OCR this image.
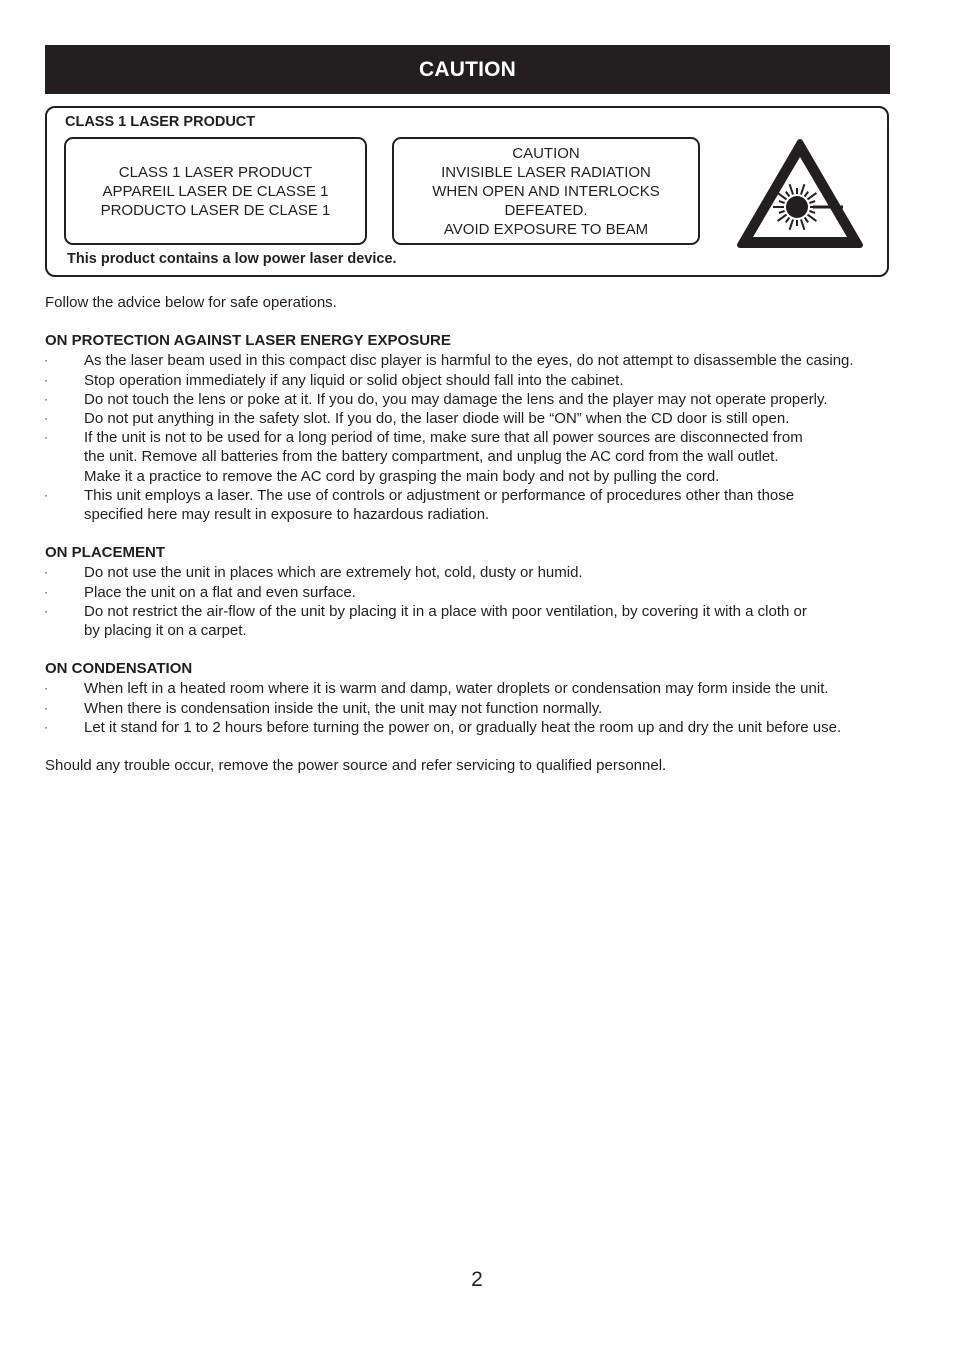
CAUTION
CLASS 1 LASER PRODUCT
CLASS 1 LASER PRODUCT
APPAREIL LASER DE CLASSE 1
PRODUCTO LASER DE CLASE 1
CAUTION
INVISIBLE LASER RADIATION
WHEN OPEN AND INTERLOCKS
DEFEATED.
AVOID EXPOSURE TO BEAM
This product contains a low power laser device.

Follow the advice below for safe operations.

ON PROTECTION AGAINST LASER ENERGY EXPOSURE
· As the laser beam used in this compact disc player is harmful to the eyes, do not attempt to disassemble the casing.
· Stop operation immediately if any liquid or solid object should fall into the cabinet.
· Do not touch the lens or poke at it. If you do, you may damage the lens and the player may not operate properly.
· Do not put anything in the safety slot. If you do, the laser diode will be “ON” when the CD door is still open.
· If the unit is not to be used for a long period of time, make sure that all power sources are disconnected from
the unit. Remove all batteries from the battery compartment, and unplug the AC cord from the wall outlet.
Make it a practice to remove the AC cord by grasping the main body and not by pulling the cord.
· This unit employs a laser. The use of controls or adjustment or performance of procedures other than those
specified here may result in exposure to hazardous radiation.
ON PLACEMENT
· Do not use the unit in places which are extremely hot, cold, dusty or humid.
· Place the unit on a flat and even surface.
· Do not restrict the air-flow of the unit by placing it in a place with poor ventilation, by covering it with a cloth or
by placing it on a carpet.
ON CONDENSATION
· When left in a heated room where it is warm and damp, water droplets or condensation may form inside the unit.
· When there is condensation inside the unit, the unit may not function normally.
· Let it stand for 1 to 2 hours before turning the power on, or gradually heat the room up and dry the unit before use.

Should any trouble occur, remove the power source and refer servicing to qualified personnel.

2
